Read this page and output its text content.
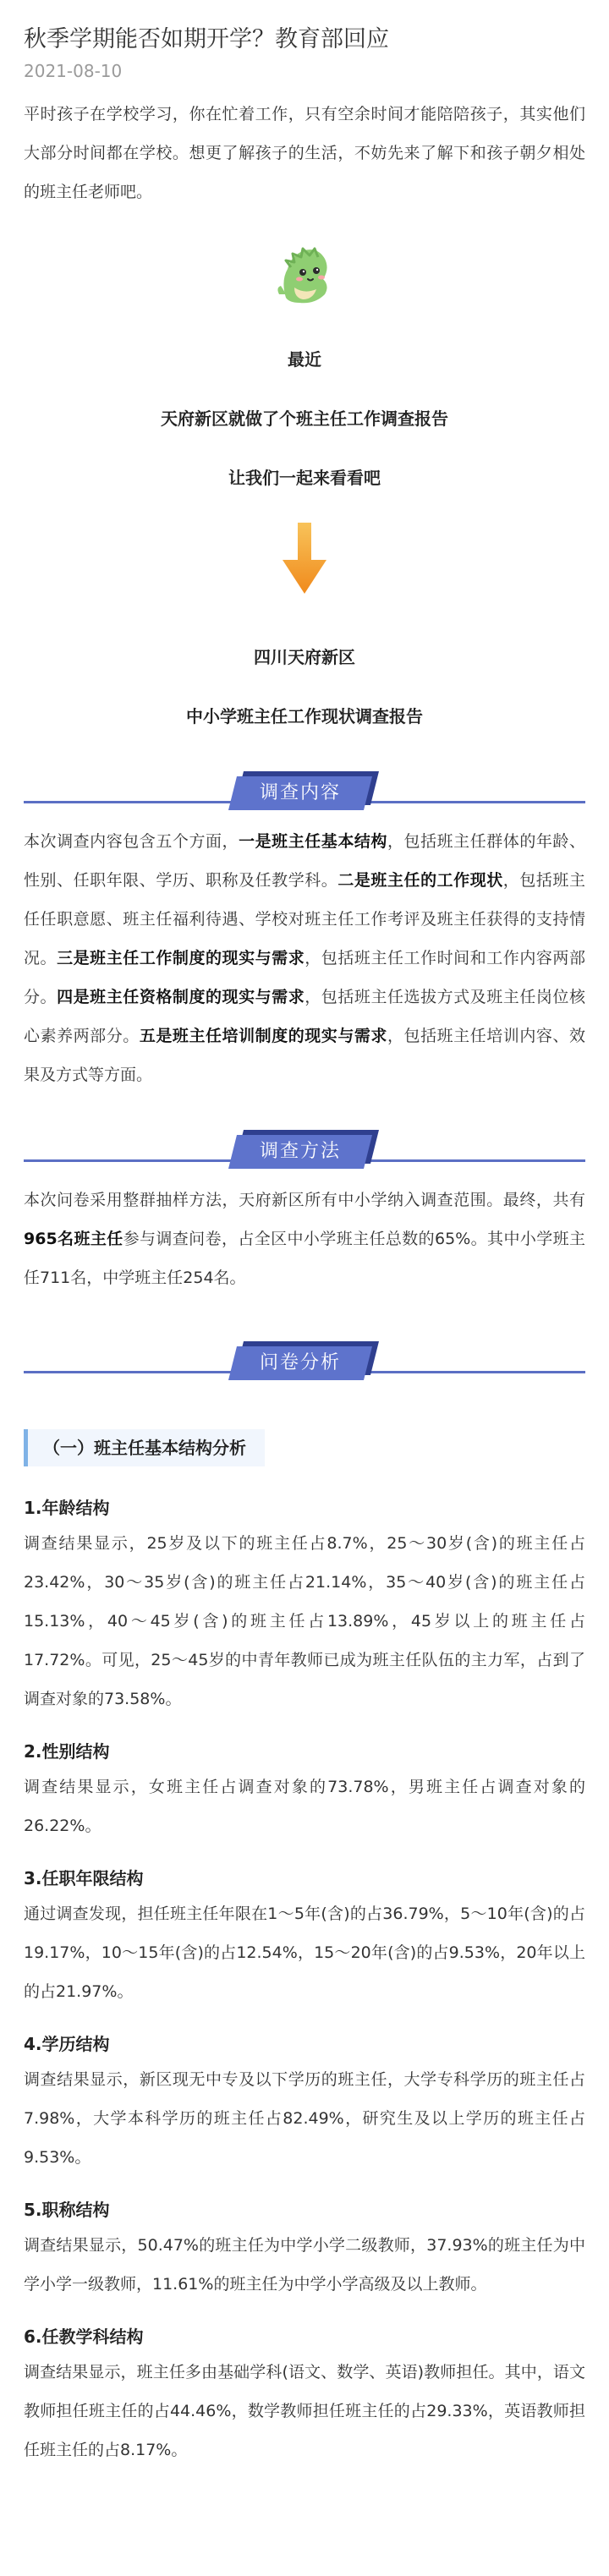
秋季学期能否如期开学？教育部回应
2021-08-10

平时孩子在学校学习，你在忙着工作，只有空余时间才能陪陪孩子，其实他们大部分时间都在学校。想更了解孩子的生活，不妨先来了解下和孩子朝夕相处的班主任老师吧。

最近
天府新区就做了个班主任工作调查报告
让我们一起来看看吧
四川天府新区
中小学班主任工作现状调查报告
调查内容

本次调查内容包含五个方面，一是班主任基本结构，包括班主任群体的年龄、性别、任职年限、学历、职称及任教学科。二是班主任的工作现状，包括班主任任职意愿、班主任福利待遇、学校对班主任工作考评及班主任获得的支持情况。三是班主任工作制度的现实与需求，包括班主任工作时间和工作内容两部分。四是班主任资格制度的现实与需求，包括班主任选拔方式及班主任岗位核心素养两部分。五是班主任培训制度的现实与需求，包括班主任培训内容、效果及方式等方面。

调查方法

本次问卷采用整群抽样方法，天府新区所有中小学纳入调查范围。最终，共有965名班主任参与调查问卷，占全区中小学班主任总数的65%。其中小学班主任711名，中学班主任254名。

问卷分析
（一）班主任基本结构分析
1.年龄结构

调查结果显示，25岁及以下的班主任占8.7%，25～30岁(含)的班主任占23.42%，30～35岁(含)的班主任占21.14%，35～40岁(含)的班主任占15.13%，40～45岁(含)的班主任占13.89%，45岁以上的班主任占17.72%。可见，25～45岁的中青年教师已成为班主任队伍的主力军，占到了调查对象的73.58%。

2.性别结构

调查结果显示，女班主任占调查对象的73.78%，男班主任占调查对象的26.22%。

3.任职年限结构

通过调查发现，担任班主任年限在1～5年(含)的占36.79%，5～10年(含)的占19.17%，10～15年(含)的占12.54%，15～20年(含)的占9.53%，20年以上的占21.97%。

4.学历结构

调查结果显示，新区现无中专及以下学历的班主任，大学专科学历的班主任占7.98%，大学本科学历的班主任占82.49%，研究生及以上学历的班主任占9.53%。

5.职称结构

调查结果显示，50.47%的班主任为中学小学二级教师，37.93%的班主任为中学小学一级教师，11.61%的班主任为中学小学高级及以上教师。

6.任教学科结构

调查结果显示，班主任多由基础学科(语文、数学、英语)教师担任。其中，语文教师担任班主任的占44.46%，数学教师担任班主任的占29.33%，英语教师担任班主任的占8.17%。
